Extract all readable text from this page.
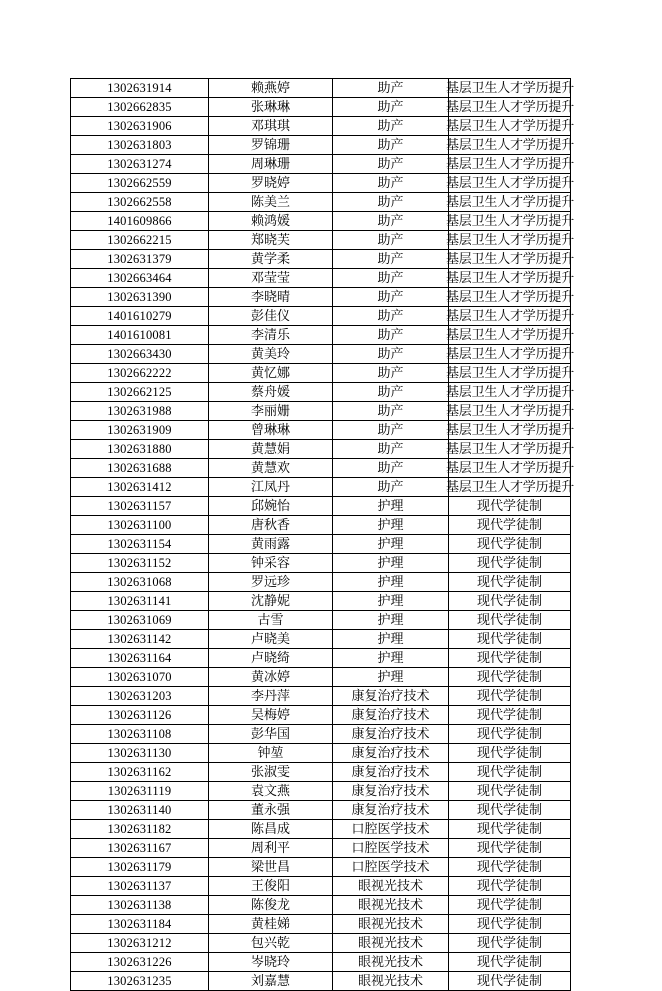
1302631914	赖燕婷	助产	基层卫生人才学历提升

1302662835	张琳琳	助产	基层卫生人才学历提升

1302631906	邓琪琪	助产	基层卫生人才学历提升

1302631803	罗锦珊	助产	基层卫生人才学历提升

1302631274	周琳珊	助产	基层卫生人才学历提升

1302662559	罗晓婷	助产	基层卫生人才学历提升

1302662558	陈美兰	助产	基层卫生人才学历提升

1401609866	赖鸿媛	助产	基层卫生人才学历提升

1302662215	郑晓芙	助产	基层卫生人才学历提升

1302631379	黄学柔	助产	基层卫生人才学历提升

1302663464	邓莹莹	助产	基层卫生人才学历提升

1302631390	李晓晴	助产	基层卫生人才学历提升

1401610279	彭佳仪	助产	基层卫生人才学历提升

1401610081	李清乐	助产	基层卫生人才学历提升

1302663430	黄美玲	助产	基层卫生人才学历提升

1302662222	黄忆娜	助产	基层卫生人才学历提升

1302662125	蔡舟媛	助产	基层卫生人才学历提升

1302631988	李丽姗	助产	基层卫生人才学历提升

1302631909	曾琳琳	助产	基层卫生人才学历提升

1302631880	黄慧娟	助产	基层卫生人才学历提升

1302631688	黄慧欢	助产	基层卫生人才学历提升

1302631412	江凤丹	助产	基层卫生人才学历提升

1302631157	邱婉怡	护理	现代学徒制

1302631100	唐秋香	护理	现代学徒制

1302631154	黄雨露	护理	现代学徒制

1302631152	钟采容	护理	现代学徒制

1302631068	罗远珍	护理	现代学徒制

1302631141	沈静妮	护理	现代学徒制

1302631069	古雪	护理	现代学徒制

1302631142	卢晓美	护理	现代学徒制

1302631164	卢晓绮	护理	现代学徒制

1302631070	黄冰婷	护理	现代学徒制

1302631203	李丹萍	康复治疗技术	现代学徒制

1302631126	吴梅婷	康复治疗技术	现代学徒制

1302631108	彭华国	康复治疗技术	现代学徒制

1302631130	钟堃	康复治疗技术	现代学徒制

1302631162	张淑雯	康复治疗技术	现代学徒制

1302631119	袁文燕	康复治疗技术	现代学徒制

1302631140	董永强	康复治疗技术	现代学徒制

1302631182	陈昌成	口腔医学技术	现代学徒制

1302631167	周利平	口腔医学技术	现代学徒制

1302631179	梁世昌	口腔医学技术	现代学徒制

1302631137	王俊阳	眼视光技术	现代学徒制

1302631138	陈俊龙	眼视光技术	现代学徒制

1302631184	黄桂娣	眼视光技术	现代学徒制

1302631212	包兴乾	眼视光技术	现代学徒制

1302631226	岑晓玲	眼视光技术	现代学徒制

1302631235	刘嘉慧	眼视光技术	现代学徒制
